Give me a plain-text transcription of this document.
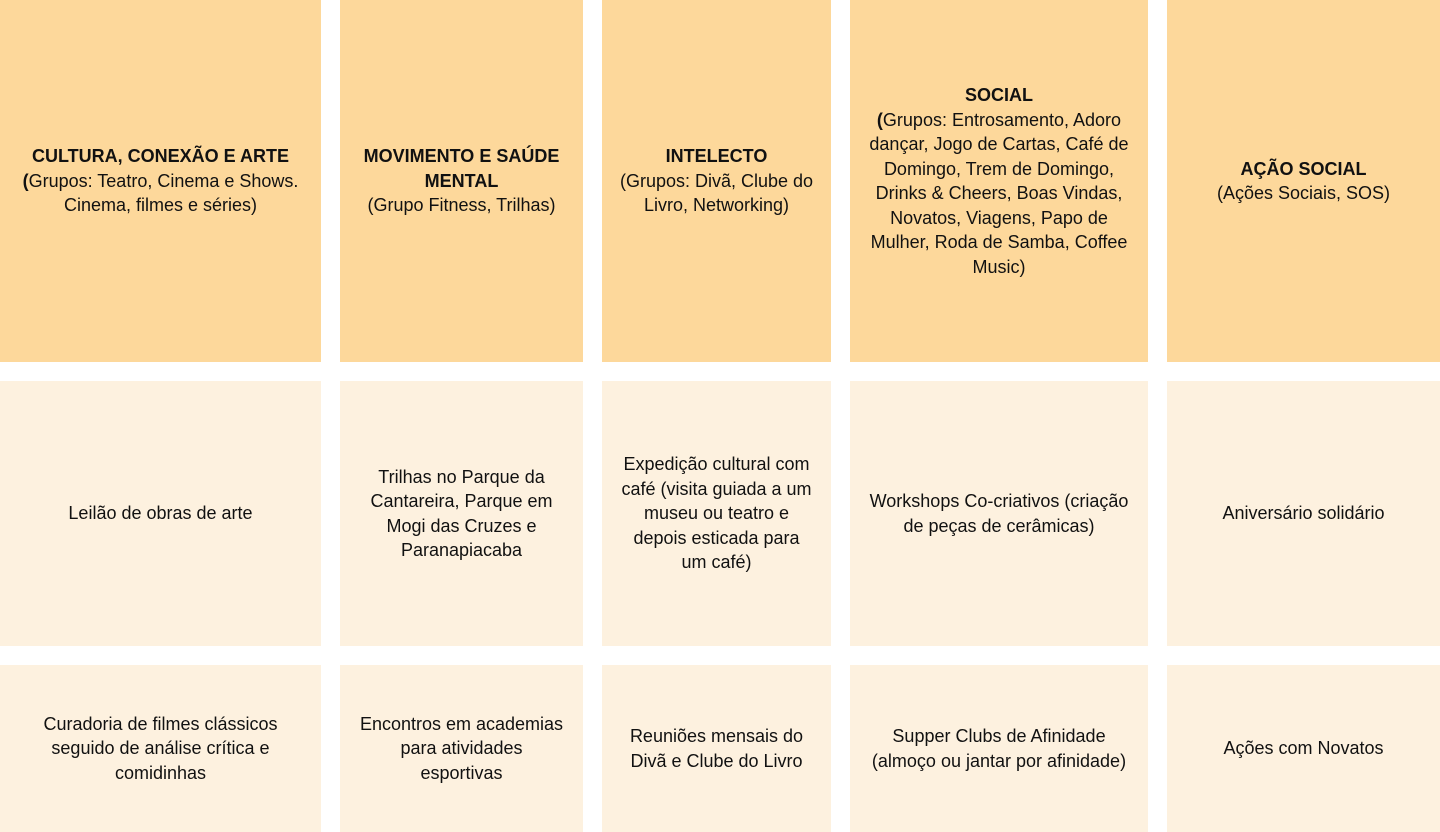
CULTURA, CONEXÃO E ARTE
(Grupos: Teatro, Cinema e Shows. Cinema, filmes e séries)
MOVIMENTO E SAÚDE MENTAL
(Grupo Fitness, Trilhas)
INTELECTO
(Grupos: Divã, Clube do Livro, Networking)
SOCIAL
(Grupos: Entrosamento, Adoro dançar, Jogo de Cartas, Café de Domingo, Trem de Domingo, Drinks & Cheers, Boas Vindas, Novatos, Viagens, Papo de Mulher, Roda de Samba, Coffee Music)
AÇÃO SOCIAL
(Ações Sociais, SOS)
Leilão de obras de arte
Trilhas no Parque da Cantareira, Parque em Mogi das Cruzes e Paranapiacaba
Expedição cultural com café (visita guiada a um museu ou teatro e depois esticada para um café)
Workshops Co-criativos (criação de peças de cerâmicas)
Aniversário solidário
Curadoria de filmes clássicos seguido de análise crítica e comidinhas
Encontros em academias para atividades esportivas
Reuniões mensais do Divã e Clube do Livro
Supper Clubs de Afinidade (almoço ou jantar por afinidade)
Ações com Novatos
